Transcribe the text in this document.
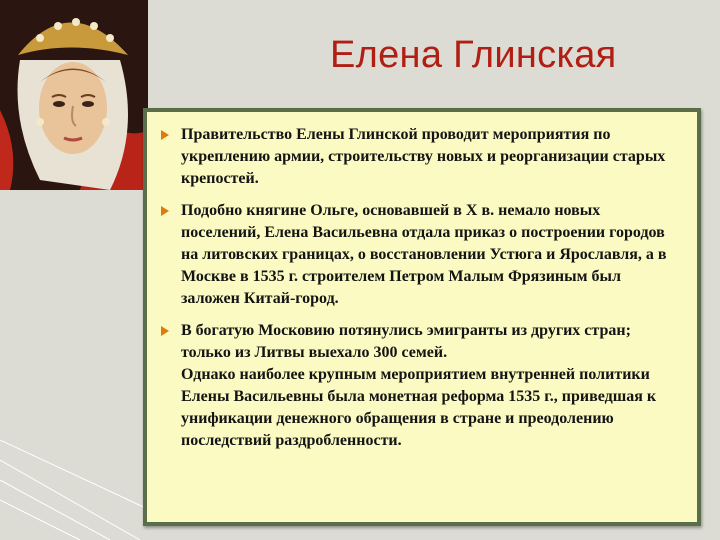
Елена Глинская

Правительство Елены Глинской проводит мероприятия по укреплению армии, строительству новых и реорганизации старых крепостей.

Подобно княгине Ольге, основавшей в X в. немало новых поселений, Елена Васильевна отдала приказ о построении городов на литовских границах, о восстановлении Устюга и Ярославля, а в Москве в 1535 г. строителем Петром Малым Фрязиным был заложен Китай-город.

В богатую Московию потянулись эмигранты из других стран; только из Литвы выехало 300 семей.

Однако наиболее крупным мероприятием внутренней политики Елены Васильевны была монетная реформа 1535 г., приведшая к унификации денежного обращения в стране и преодолению последствий раздробленности.
